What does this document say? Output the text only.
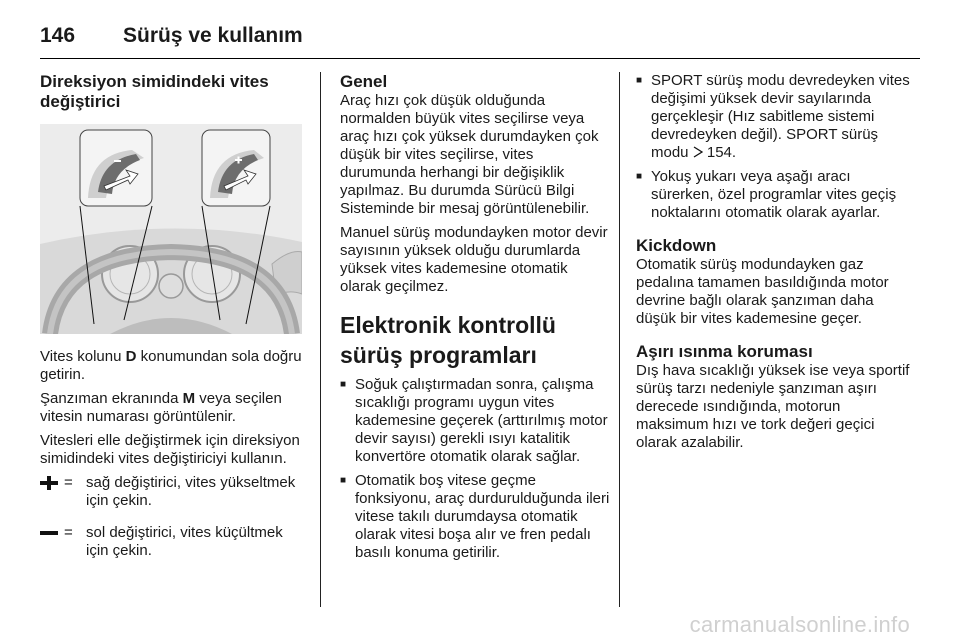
146 Sürüş ve kullanım
Direksiyon simidindeki vites değiştirici

Vites kolunu D konumundan sola doğru getirin.

Şanzıman ekranında M veya seçilen vitesin numarası görüntülenir.

Vitesleri elle değiştirmek için direksiyon simidindeki vites değiştiriciyi kullanın.

= sağ değiştirici, vites yükseltmek için çekin.
= sol değiştirici, vites küçültmek için çekin.
Genel

Araç hızı çok düşük olduğunda normalden büyük vites seçilirse veya araç hızı çok yüksek durumdayken çok düşük bir vites seçilirse, vites durumunda herhangi bir değişiklik yapılmaz. Bu durumda Sürücü Bilgi Sisteminde bir mesaj görüntülenebilir.

Manuel sürüş modundayken motor devir sayısının yüksek olduğu durumlarda yüksek vites kademesine otomatik olarak geçilmez.

Elektronik kontrollü sürüş programları
■ Soğuk çalıştırmadan sonra, çalışma sıcaklığı programı uygun vites kademesine geçerek (arttırılmış motor devir sayısı) gerekli ısıyı katalitik konvertöre otomatik olarak sağlar.
■ Otomatik boş vitese geçme fonksiyonu, araç durdurulduğunda ileri vitese takılı durumdaysa otomatik olarak vitesi boşa alır ve fren pedalı basılı konuma getirilir.
■ SPORT sürüş modu devredeyken vites değişimi yüksek devir sayılarında gerçekleşir (Hız sabitleme sistemi devredeyken değil). SPORT sürüş modu 154.
■ Yokuş yukarı veya aşağı aracı sürerken, özel programlar vites geçiş noktalarını otomatik olarak ayarlar.
Kickdown

Otomatik sürüş modundayken gaz pedalına tamamen basıldığında motor devrine bağlı olarak şanzıman daha düşük bir vites kademesine geçer.

Aşırı ısınma koruması

Dış hava sıcaklığı yüksek ise veya sportif sürüş tarzı nedeniyle şanzıman aşırı derecede ısındığında, motorun maksimum hızı ve tork değeri geçici olarak azalabilir.

carmanualsonline.info
